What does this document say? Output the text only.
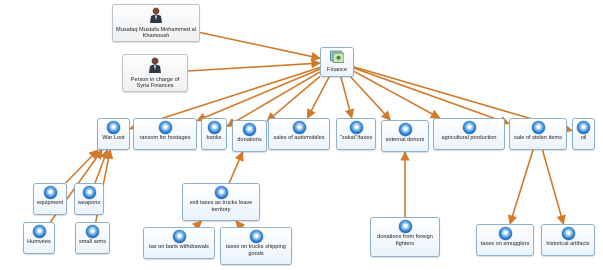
Musafaq Mustafa Mohammed al Khamoush
Person in charge of Syria Finances
Finance
War Loot	ransom for hostages	banks	donations	sales of automobiles	"zakat"/taxes	external donors	agricultural production	sale of stolen items	oil
equipment	weapons
Humvees	small arms
exit taxes as trucks leave territory
tax on bank withdrawals	taxes on trucks shipping goods
donations from foreign fighters	taxes on smugglers	historical artifacts
